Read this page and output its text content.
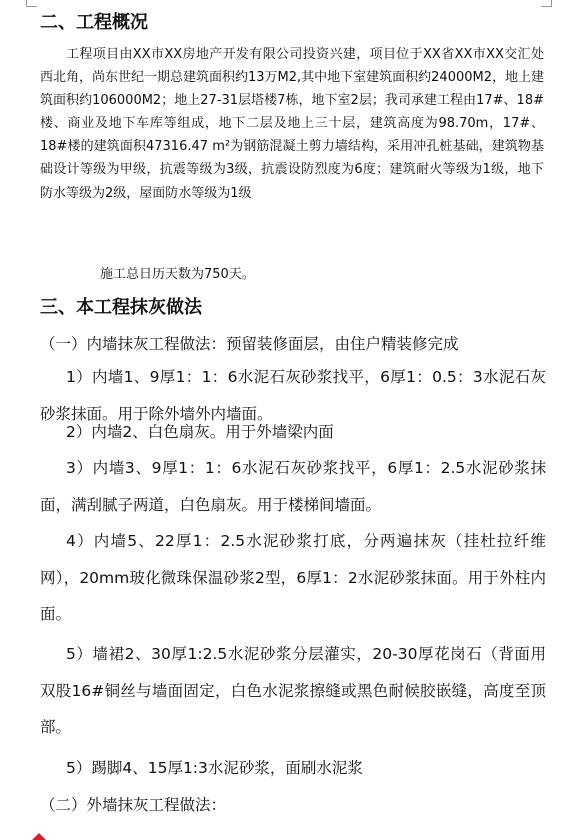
二、工程概况
工程项目由XX市XX房地产开发有限公司投资兴建，项目位于XX省XX市XX交汇处西北角，尚东世纪一期总建筑面积约13万M2,其中地下室建筑面积约24000M2，地上建筑面积约106000M2；地上27-31层塔楼7栋，地下室2层；我司承建工程由17#、18#楼、商业及地下车库等组成，地下二层及地上三十层，建筑高度为98.70m，17#、18#楼的建筑面积47316.47 m²为钢筋混凝土剪力墙结构，采用冲孔桩基础，建筑物基础设计等级为甲级，抗震等级为3级，抗震设防烈度为6度；建筑耐火等级为1级，地下防水等级为2级，屋面防水等级为1级
施工总日历天数为750天。
三、本工程抹灰做法
（一）内墙抹灰工程做法：预留装修面层，由住户精装修完成
1）内墙1、9厚1：1：6水泥石灰砂浆找平，6厚1：0.5：3水泥石灰砂浆抹面。用于除外墙外内墙面。
2）内墙2、白色扇灰。用于外墙梁内面
3）内墙3、9厚1：1：6水泥石灰砂浆找平，6厚1：2.5水泥砂浆抹面，满刮腻子两道，白色扇灰。用于楼梯间墙面。
4）内墙5、22厚1：2.5水泥砂浆打底，分两遍抹灰（挂杜拉纤维网），20mm玻化微珠保温砂浆2型，6厚1：2水泥砂浆抹面。用于外柱内面。
5）墙裙2、30厚1:2.5水泥砂浆分层灌实，20-30厚花岗石（背面用双股16#铜丝与墙面固定，白色水泥浆擦缝或黑色耐候胶嵌缝，高度至顶部。
5）踢脚4、15厚1:3水泥砂浆，面刷水泥浆
（二）外墙抹灰工程做法：
